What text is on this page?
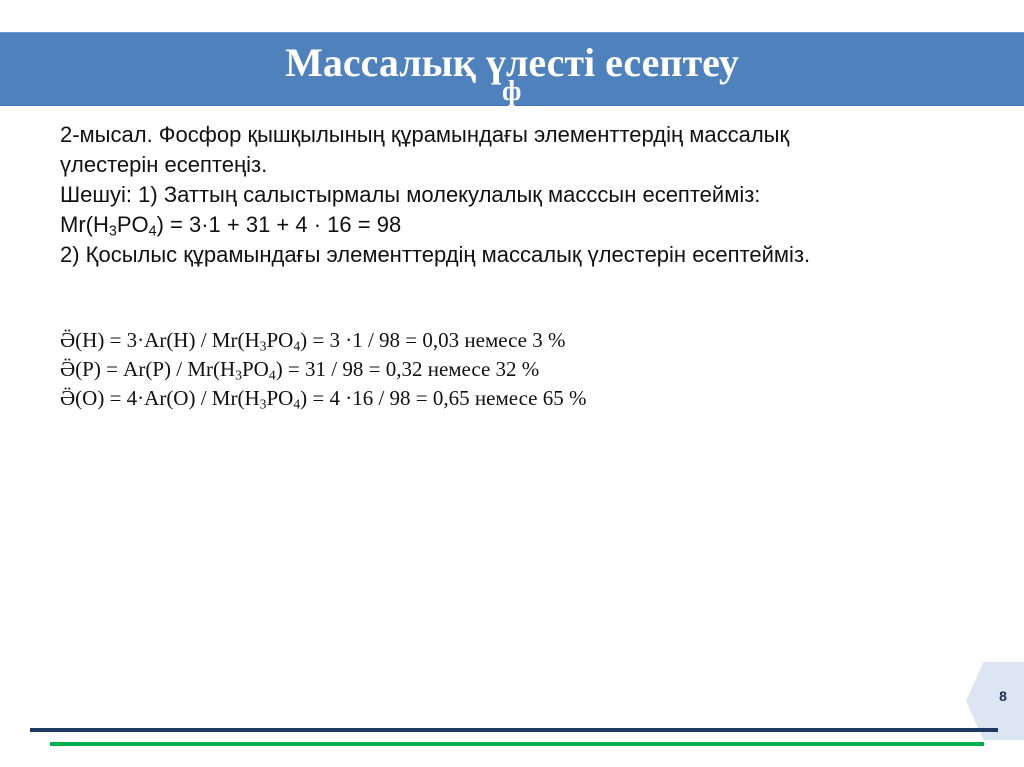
Массалық үлесті есептеу
ф

2-мысал. Фосфор қышқылының құрамындағы элементтердің массалық

үлестерін есептеңіз.

Шешуі: 1) Заттың салыстырмалы молекулалық масссын есептейміз:

$Mr(H_3PO_4) = 3\cdot 1 + 31 + 4 \cdot 16 = 98$

2) Қосылыс құрамындағы элементтердің массалық үлестерін есептейміз.

$Ӛ(H) = 3\cdot Ar(H) / Mr(H_3PO_4) = 3 \cdot 1 / 98 = 0,03$ немесе 3 %

$Ӛ(P) = Ar(P) / Mr(H_3PO_4) = 31 / 98 = 0,32$ немесе 32 %

$Ӛ(O) = 4\cdot Ar(O) / Mr(H_3PO_4) = 4 \cdot 16 / 98 = 0,65$ немесе 65 %

8
